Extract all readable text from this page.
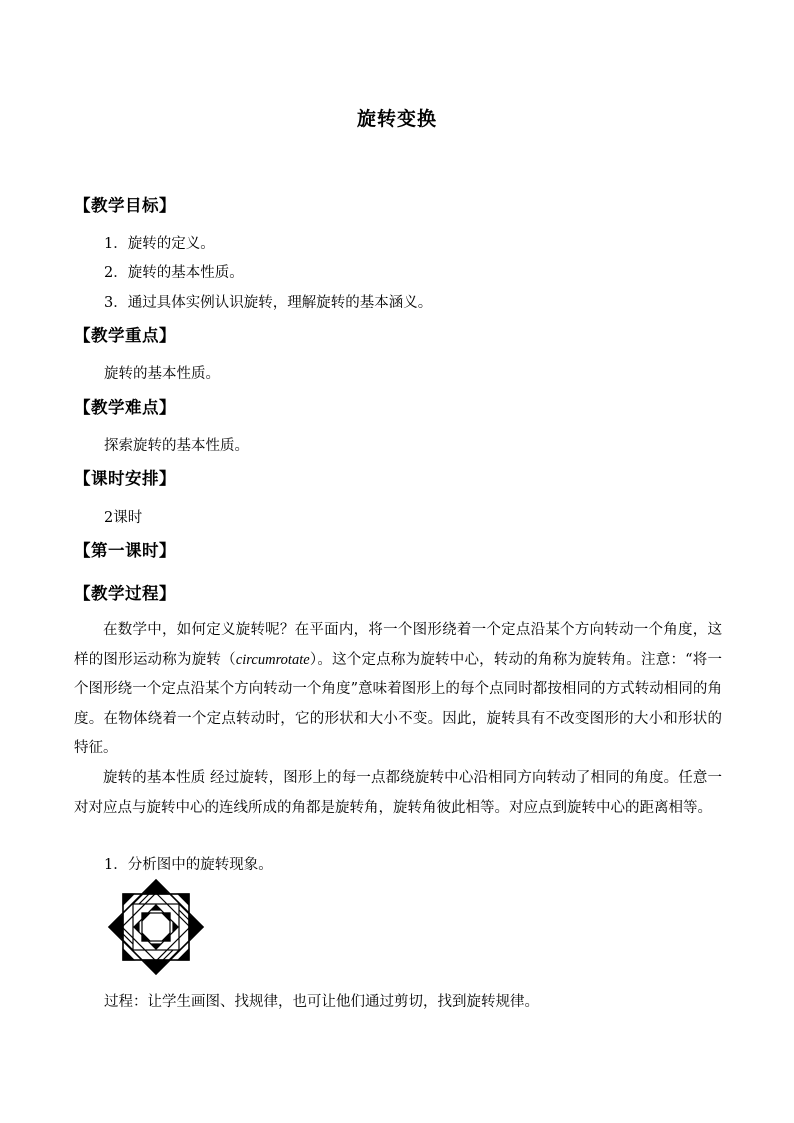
旋转变换
【教学目标】
1．旋转的定义。
2．旋转的基本性质。
3．通过具体实例认识旋转，理解旋转的基本涵义。
【教学重点】
旋转的基本性质。
【教学难点】
探索旋转的基本性质。
【课时安排】
2课时
【第一课时】
【教学过程】
在数学中，如何定义旋转呢？在平面内，将一个图形绕着一个定点沿某个方向转动一个角度，这样的图形运动称为旋转（circumrotate）。这个定点称为旋转中心，转动的角称为旋转角。注意：“将一个图形绕一个定点沿某个方向转动一个角度”意味着图形上的每个点同时都按相同的方式转动相同的角度。在物体绕着一个定点转动时，它的形状和大小不变。因此，旋转具有不改变图形的大小和形状的特征。
旋转的基本性质 经过旋转，图形上的每一点都绕旋转中心沿相同方向转动了相同的角度。任意一对对应点与旋转中心的连线所成的角都是旋转角，旋转角彼此相等。对应点到旋转中心的距离相等。
1．分析图中的旋转现象。
过程：让学生画图、找规律，也可让他们通过剪切，找到旋转规律。
